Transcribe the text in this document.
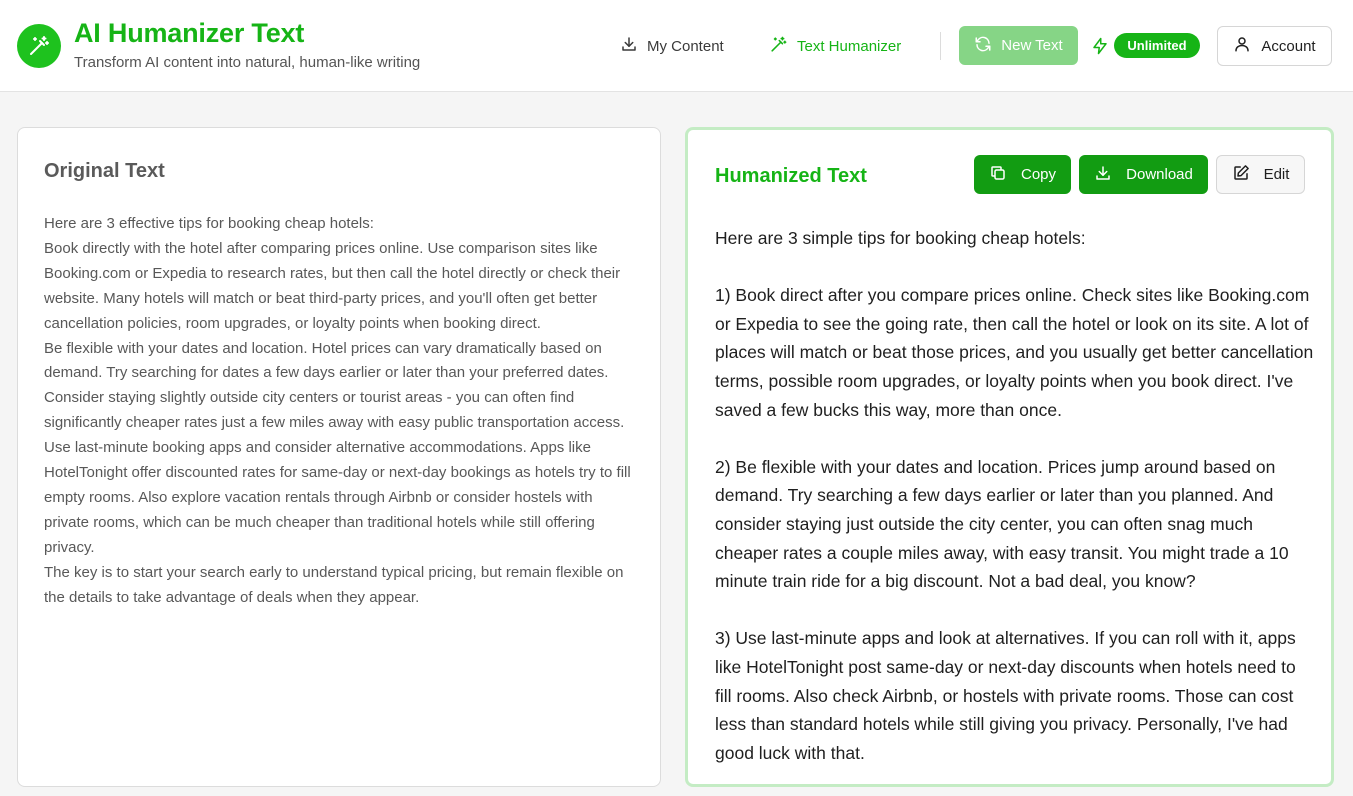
AI Humanizer Text
Transform AI content into natural, human-like writing
My Content	Text Humanizer	New Text	Unlimited	Account
Original Text

Here are 3 effective tips for booking cheap hotels:

Book directly with the hotel after comparing prices online. Use comparison sites like Booking.com or Expedia to research rates, but then call the hotel directly or check their website. Many hotels will match or beat third-party prices, and you'll often get better cancellation policies, room upgrades, or loyalty points when booking direct.

Be flexible with your dates and location. Hotel prices can vary dramatically based on demand. Try searching for dates a few days earlier or later than your preferred dates. Consider staying slightly outside city centers or tourist areas - you can often find significantly cheaper rates just a few miles away with easy public transportation access.

Use last-minute booking apps and consider alternative accommodations. Apps like HotelTonight offer discounted rates for same-day or next-day bookings as hotels try to fill empty rooms. Also explore vacation rentals through Airbnb or consider hostels with private rooms, which can be much cheaper than traditional hotels while still offering privacy.

The key is to start your search early to understand typical pricing, but remain flexible on the details to take advantage of deals when they appear.

Humanized Text	Copy	Download	Edit

Here are 3 simple tips for booking cheap hotels:

1) Book direct after you compare prices online. Check sites like Booking.com or Expedia to see the going rate, then call the hotel or look on its site. A lot of places will match or beat those prices, and you usually get better cancellation terms, possible room upgrades, or loyalty points when you book direct. I've saved a few bucks this way, more than once.

2) Be flexible with your dates and location. Prices jump around based on demand. Try searching a few days earlier or later than you planned. And consider staying just outside the city center, you can often snag much cheaper rates a couple miles away, with easy transit. You might trade a 10 minute train ride for a big discount. Not a bad deal, you know?

3) Use last-minute apps and look at alternatives. If you can roll with it, apps like HotelTonight post same-day or next-day discounts when hotels need to fill rooms. Also check Airbnb, or hostels with private rooms. Those can cost less than standard hotels while still giving you privacy. Personally, I've had good luck with that.
